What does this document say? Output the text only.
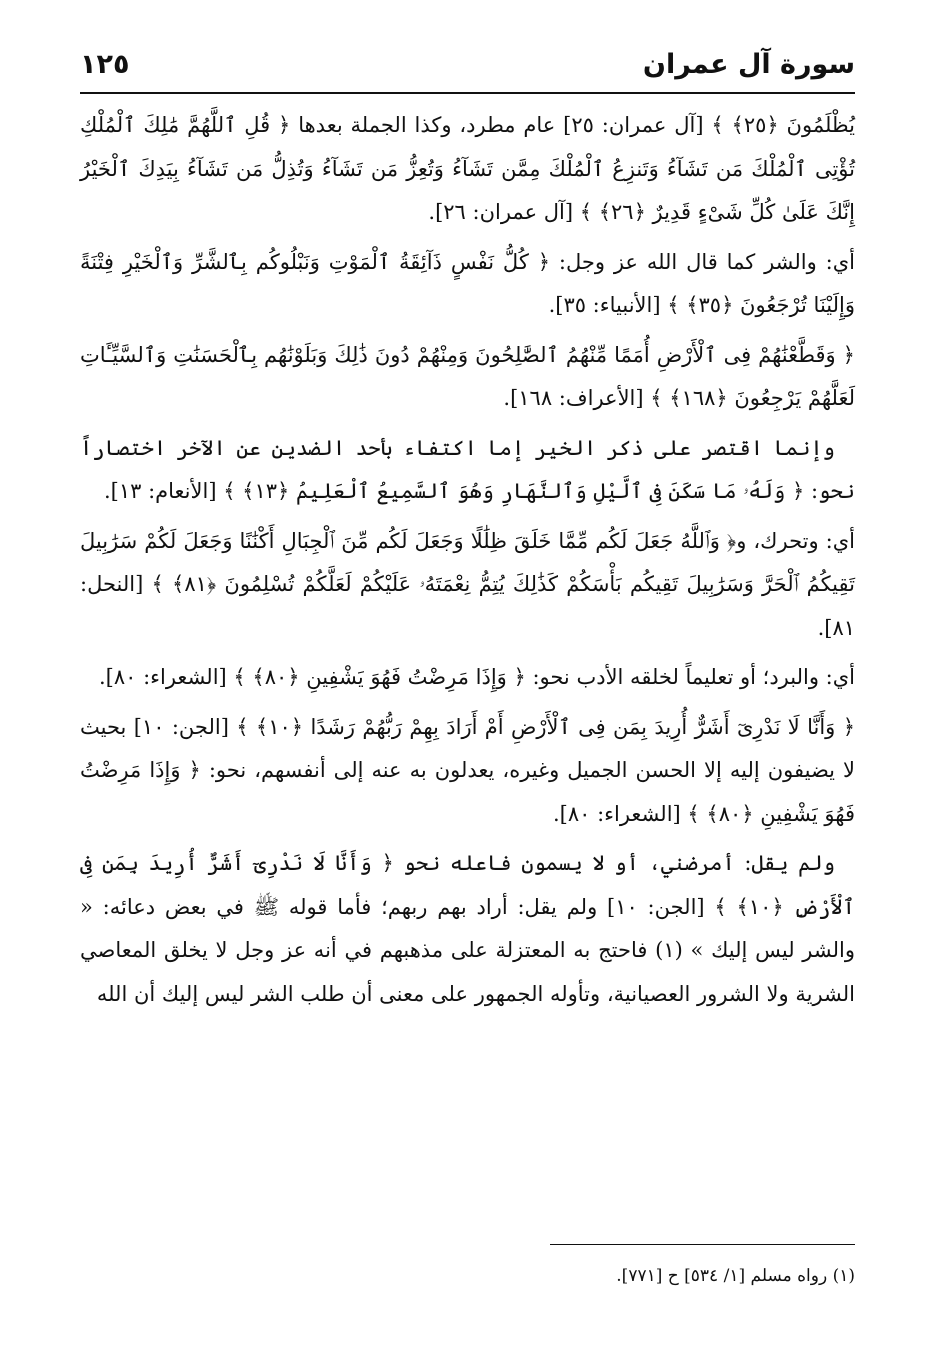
سورة آل عمران
١٢٥

يُظْلَمُونَ ﴿٢٥﴾ ﴾ [آل عمران: ٢٥] عام مطرد، وكذا الجملة بعدها ﴿ قُلِ ٱللَّهُمَّ مَٰلِكَ ٱلْمُلْكِ تُؤْتِى ٱلْمُلْكَ مَن تَشَآءُ وَتَنزِعُ ٱلْمُلْكَ مِمَّن تَشَآءُ وَتُعِزُّ مَن تَشَآءُ وَتُذِلُّ مَن تَشَآءُ بِيَدِكَ ٱلْخَيْرُ إِنَّكَ عَلَىٰ كُلِّ شَىْءٍ قَدِيرٌ ﴿٢٦﴾ ﴾ [آل عمران: ٢٦].

أي: والشر كما قال الله عز وجل: ﴿ كُلُّ نَفْسٍ ذَآئِقَةُ ٱلْمَوْتِ وَنَبْلُوكُم بِٱلشَّرِّ وَٱلْخَيْرِ فِتْنَةً وَإِلَيْنَا تُرْجَعُونَ ﴿٣٥﴾ ﴾ [الأنبياء: ٣٥].

﴿ وَقَطَّعْنَٰهُمْ فِى ٱلْأَرْضِ أُمَمًا مِّنْهُمُ ٱلصَّٰلِحُونَ وَمِنْهُمْ دُونَ ذَٰلِكَ وَبَلَوْنَٰهُم بِٱلْحَسَنَٰتِ وَٱلسَّيِّـَٔاتِ لَعَلَّهُمْ يَرْجِعُونَ ﴿١٦٨﴾ ﴾ [الأعراف: ١٦٨].

وإنما اقتصر على ذكر الخير إما اكتفاء بأحد الضدين عن الآخر اختصاراً نحو: ﴿ وَلَهُۥ مَا سَكَنَ فِى ٱلَّيْلِ وَٱلنَّهَارِ وَهُوَ ٱلسَّمِيعُ ٱلْعَلِيمُ ﴿١٣﴾ ﴾ [الأنعام: ١٣].

أي: وتحرك، و﴿ وَٱللَّهُ جَعَلَ لَكُم مِّمَّا خَلَقَ ظِلَٰلًا وَجَعَلَ لَكُم مِّنَ ٱلْجِبَالِ أَكْنَٰنًا وَجَعَلَ لَكُمْ سَرَٰبِيلَ تَقِيكُمُ ٱلْحَرَّ وَسَرَٰبِيلَ تَقِيكُم بَأْسَكُمْ كَذَٰلِكَ يُتِمُّ نِعْمَتَهُۥ عَلَيْكُمْ لَعَلَّكُمْ تُسْلِمُونَ ﴿٨١﴾ ﴾ [النحل: ٨١].

أي: والبرد؛ أو تعليماً لخلقه الأدب نحو: ﴿ وَإِذَا مَرِضْتُ فَهُوَ يَشْفِينِ ﴿٨٠﴾ ﴾ [الشعراء: ٨٠].

﴿ وَأَنَّا لَا نَدْرِىٓ أَشَرٌّ أُرِيدَ بِمَن فِى ٱلْأَرْضِ أَمْ أَرَادَ بِهِمْ رَبُّهُمْ رَشَدًا ﴿١٠﴾ ﴾ [الجن: ١٠] بحيث لا يضيفون إليه إلا الحسن الجميل وغيره، يعدلون به عنه إلى أنفسهم، نحو: ﴿ وَإِذَا مَرِضْتُ فَهُوَ يَشْفِينِ ﴿٨٠﴾ ﴾ [الشعراء: ٨٠].

ولم يقل: أمرضني، أو لا يسمون فاعله نحو ﴿ وَأَنَّا لَا نَدْرِىٓ أَشَرٌّ أُرِيدَ بِمَن فِى ٱلْأَرْضِ ﴿١٠﴾ ﴾ [الجن: ١٠] ولم يقل: أراد بهم ربهم؛ فأما قوله ﷺ في بعض دعائه: « والشر ليس إليك » (١) فاحتج به المعتزلة على مذهبهم في أنه عز وجل لا يخلق المعاصي الشرية ولا الشرور العصيانية، وتأوله الجمهور على معنى أن طلب الشر ليس إليك أن الله

(١) رواه مسلم [١/ ٥٣٤] ح [٧٧١].
